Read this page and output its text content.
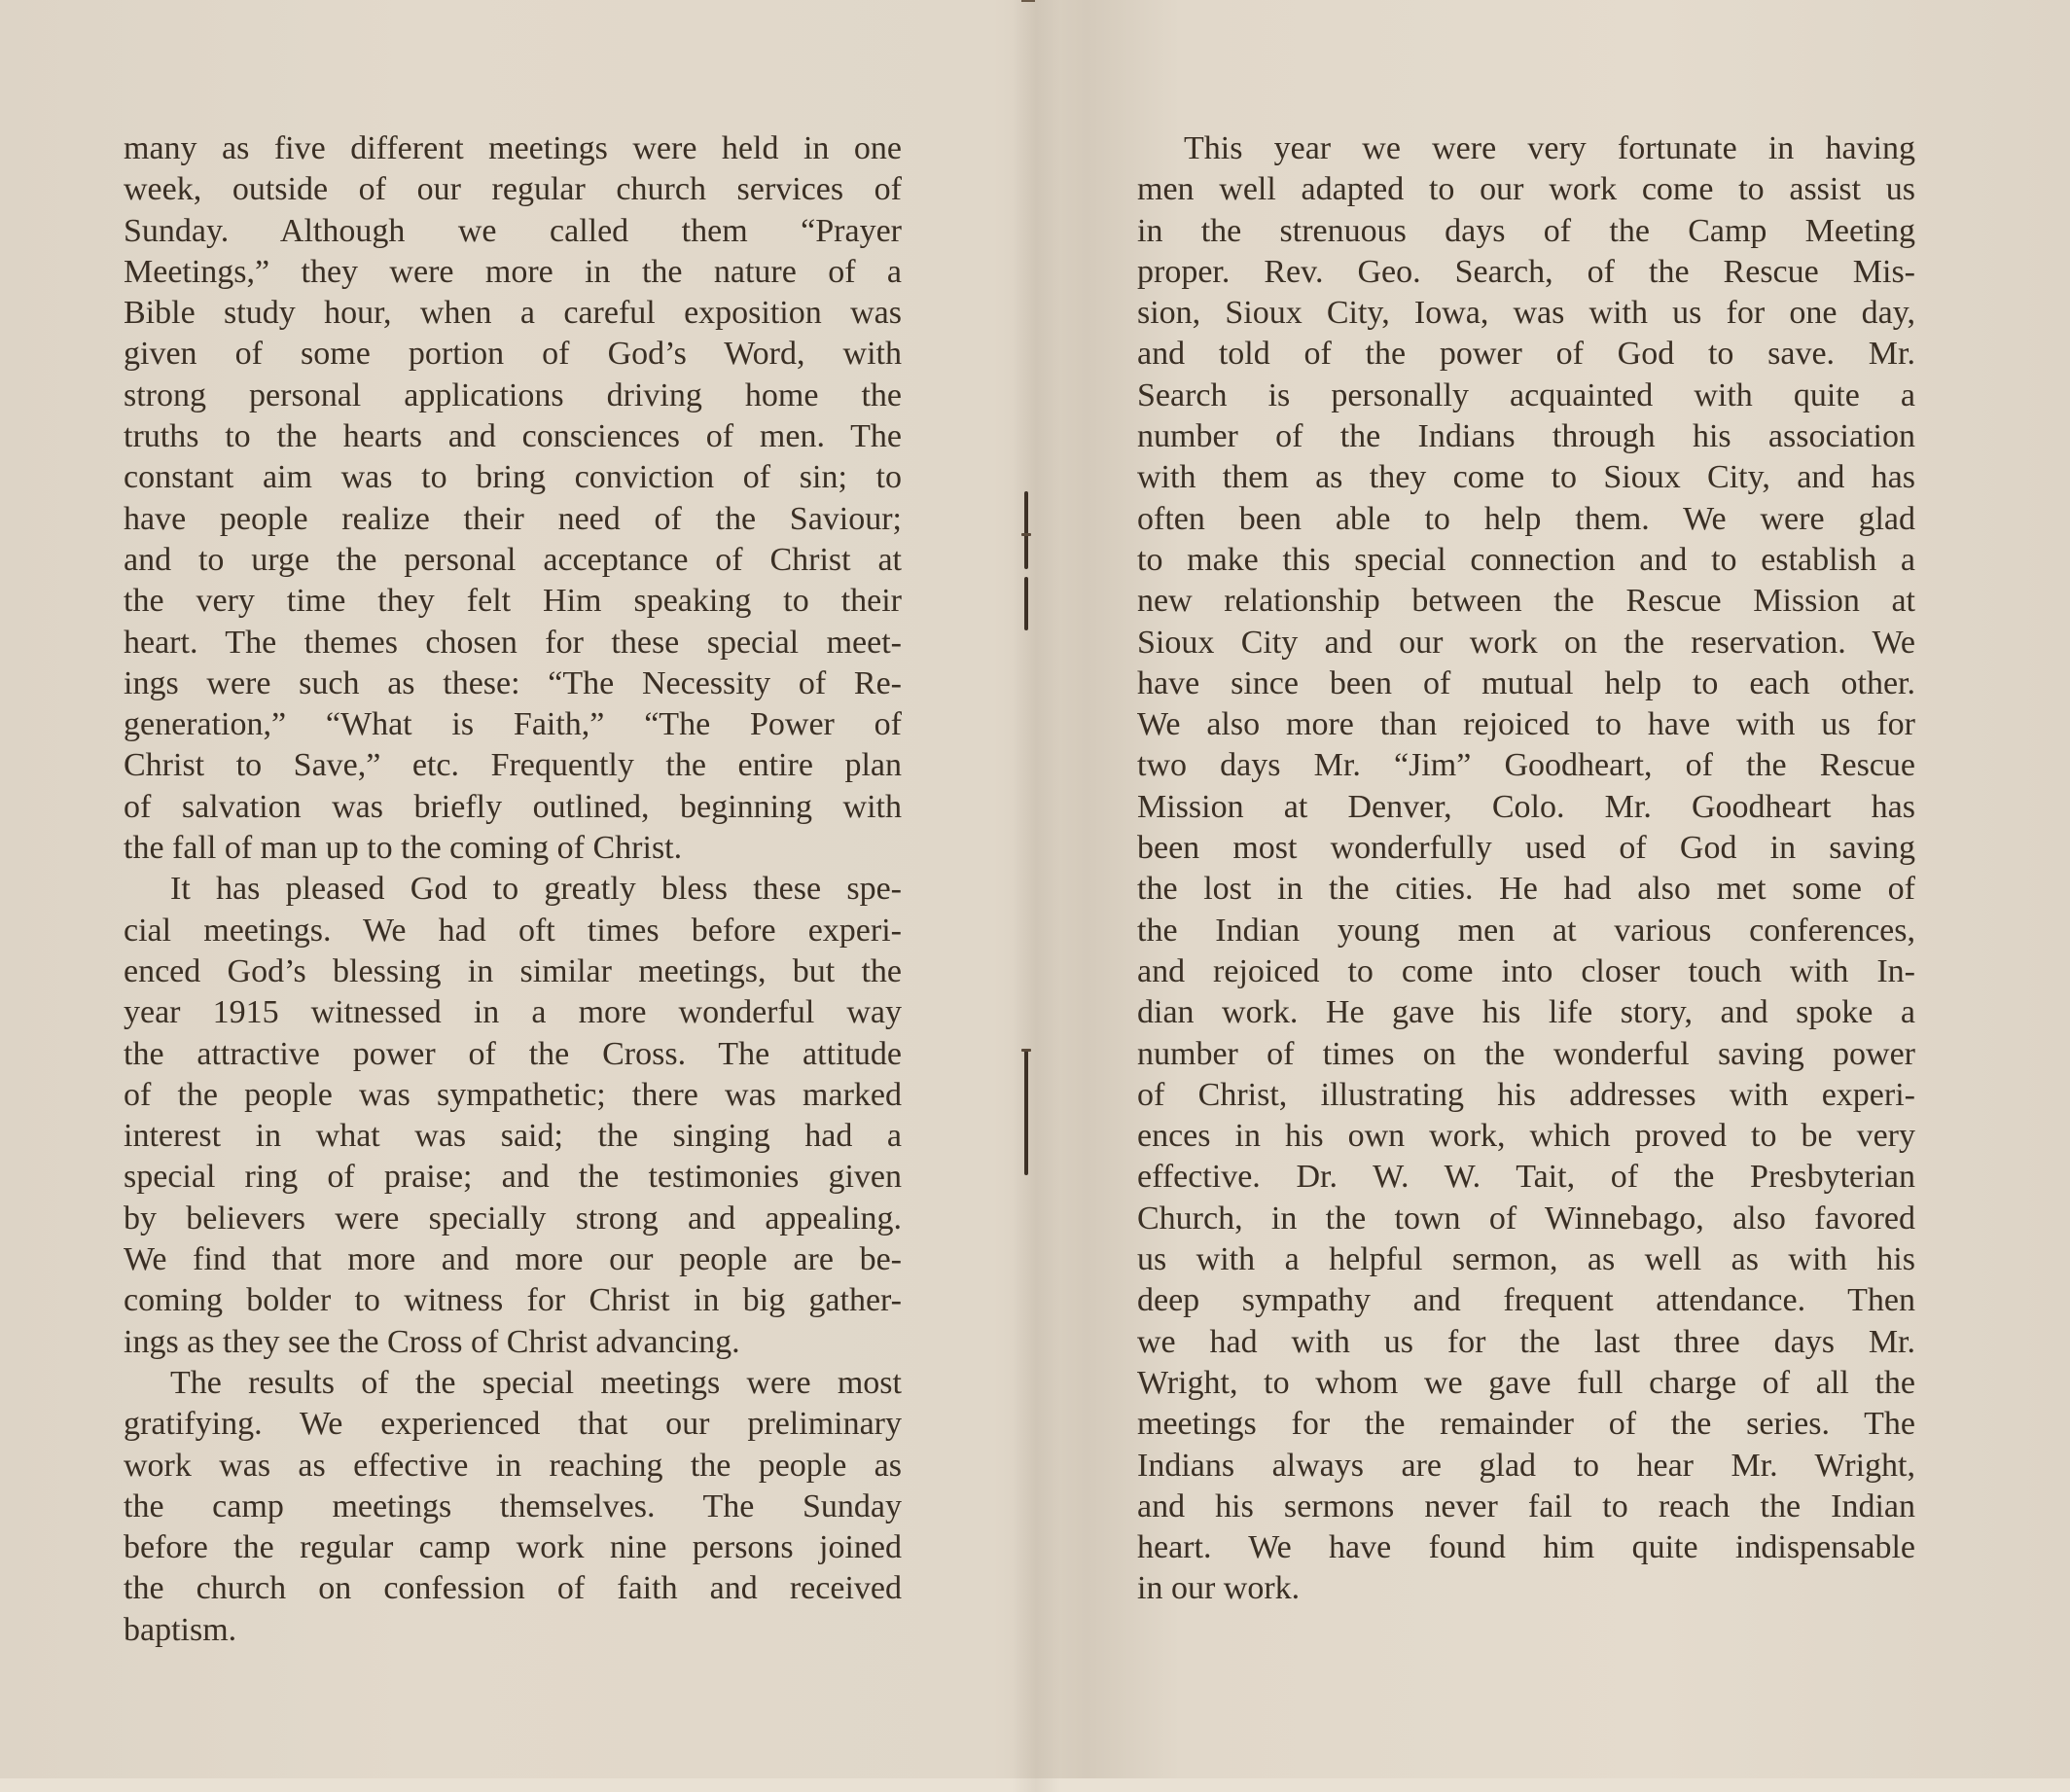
many as five different meetings were held in one
week, outside of our regular church services of
Sunday. Although we called them “Prayer
Meetings,” they were more in the nature of a
Bible study hour, when a careful exposition was
given of some portion of God’s Word, with
strong personal applications driving home the
truths to the hearts and consciences of men. The
constant aim was to bring conviction of sin; to
have people realize their need of the Saviour;
and to urge the personal acceptance of Christ at
the very time they felt Him speaking to their
heart. The themes chosen for these special meet-
ings were such as these: “The Necessity of Re-
generation,” “What is Faith,” “The Power of
Christ to Save,” etc. Frequently the entire plan
of salvation was briefly outlined, beginning with
the fall of man up to the coming of Christ.
It has pleased God to greatly bless these spe-
cial meetings. We had oft times before experi-
enced God’s blessing in similar meetings, but the
year 1915 witnessed in a more wonderful way
the attractive power of the Cross. The attitude
of the people was sympathetic; there was marked
interest in what was said; the singing had a
special ring of praise; and the testimonies given
by believers were specially strong and appealing.
We find that more and more our people are be-
coming bolder to witness for Christ in big gather-
ings as they see the Cross of Christ advancing.
The results of the special meetings were most
gratifying. We experienced that our preliminary
work was as effective in reaching the people as
the camp meetings themselves. The Sunday
before the regular camp work nine persons joined
the church on confession of faith and received
baptism.
This year we were very fortunate in having
men well adapted to our work come to assist us
in the strenuous days of the Camp Meeting
proper. Rev. Geo. Search, of the Rescue Mis-
sion, Sioux City, Iowa, was with us for one day,
and told of the power of God to save. Mr.
Search is personally acquainted with quite a
number of the Indians through his association
with them as they come to Sioux City, and has
often been able to help them. We were glad
to make this special connection and to establish a
new relationship between the Rescue Mission at
Sioux City and our work on the reservation. We
have since been of mutual help to each other.
We also more than rejoiced to have with us for
two days Mr. “Jim” Goodheart, of the Rescue
Mission at Denver, Colo. Mr. Goodheart has
been most wonderfully used of God in saving
the lost in the cities. He had also met some of
the Indian young men at various conferences,
and rejoiced to come into closer touch with In-
dian work. He gave his life story, and spoke a
number of times on the wonderful saving power
of Christ, illustrating his addresses with experi-
ences in his own work, which proved to be very
effective. Dr. W. W. Tait, of the Presbyterian
Church, in the town of Winnebago, also favored
us with a helpful sermon, as well as with his
deep sympathy and frequent attendance. Then
we had with us for the last three days Mr.
Wright, to whom we gave full charge of all the
meetings for the remainder of the series. The
Indians always are glad to hear Mr. Wright,
and his sermons never fail to reach the Indian
heart. We have found him quite indispensable
in our work.
